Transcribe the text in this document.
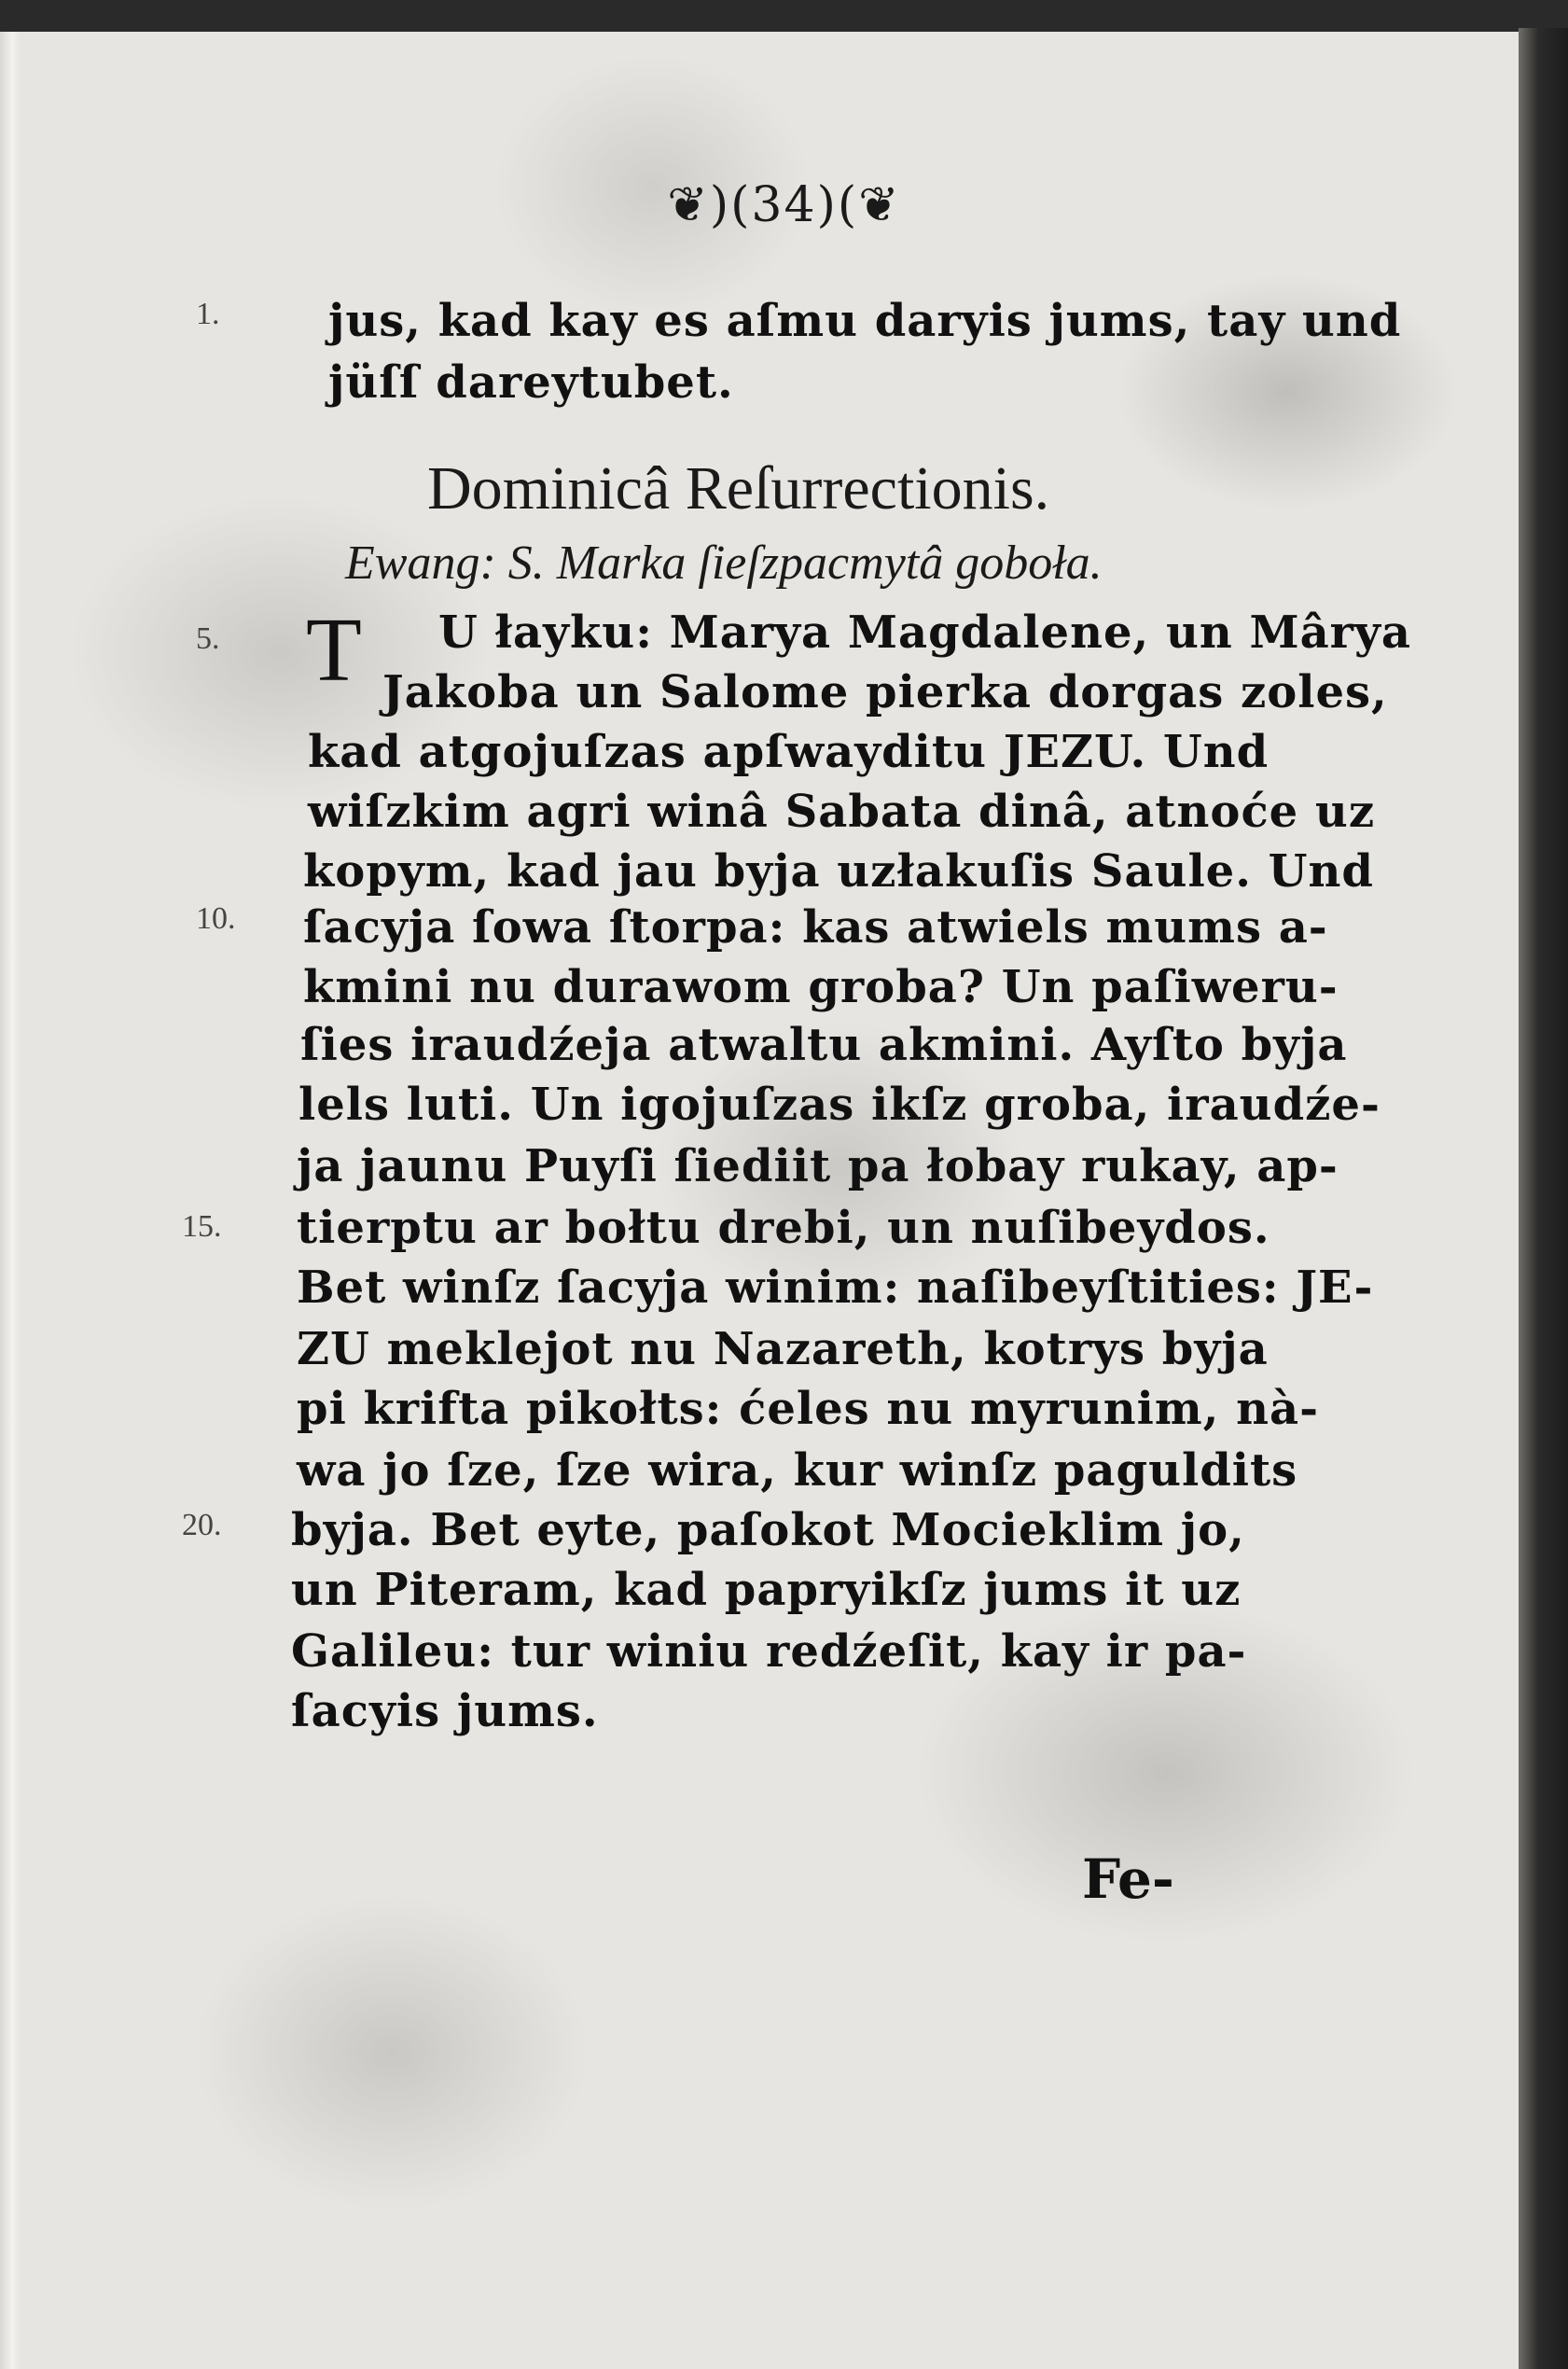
❦)(34)(❦
1.
5.
10.
15.
20.
jus, kad kay es aſmu daryis jums, tay und
jüſſ dareytubet.
Dominicâ Reſurrectionis.
Ewang: S. Marka ſieſzpacmytâ goboła.
T U łayku: Marya Magdalene, un Mârya
Jakoba un Salome pierka dorgas zoles,
kad atgojuſzas apſwayditu JEZU. Und
wiſzkim agri winâ Sabata dinâ, atnoće uz
kopym, kad jau byja uzłakuſis Saule. Und
ſacyja ſowa ſtorpa: kas atwiels mums a-
kmini nu durawom groba? Un paſiweru-
ſies iraudźeja atwaltu akmini. Ayſto byja
lels luti. Un igojuſzas ikſz groba, iraudźe-
ja jaunu Puyſi ſiediit pa łobay rukay, ap-
tierptu ar bołtu drebi, un nuſibeydos.
Bet winſz ſacyja winim: naſibeyſtities: JE-
ZU meklejot nu Nazareth, kotrys byja
pi krifta pikołts: ćeles nu myrunim, nà-
wa jo ſze, ſze wira, kur winſz paguldits
byja. Bet eyte, paſokot Mocieklim jo,
un Piteram, kad papryikſz jums it uz
Galileu: tur winiu redźeſit, kay ir pa-
ſacyis jums.
Fe-
